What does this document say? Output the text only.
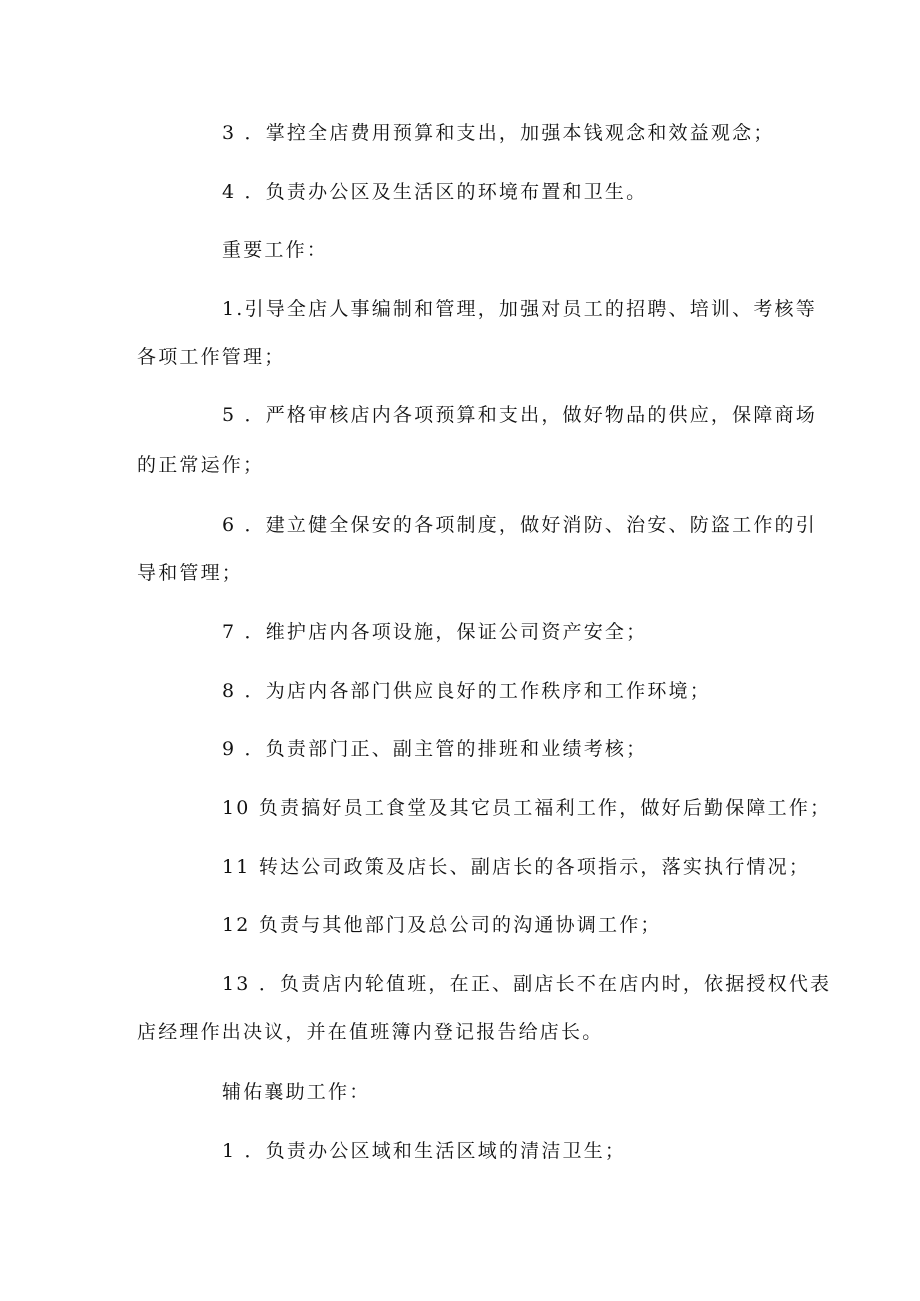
3 ．掌控全店费用预算和支出，加强本钱观念和效益观念；
4 ．负责办公区及生活区的环境布置和卫生。
重要工作：
1.引导全店人事编制和管理，加强对员工的招聘、培训、考核等
各项工作管理；
5 ．严格审核店内各项预算和支出，做好物品的供应，保障商场
的正常运作；
6 ．建立健全保安的各项制度，做好消防、治安、防盗工作的引
导和管理；
7 ．维护店内各项设施，保证公司资产安全；
8 ．为店内各部门供应良好的工作秩序和工作环境；
9 ．负责部门正、副主管的排班和业绩考核；
10 负责搞好员工食堂及其它员工福利工作，做好后勤保障工作；
11 转达公司政策及店长、副店长的各项指示，落实执行情况；
12 负责与其他部门及总公司的沟通协调工作；
13 ．负责店内轮值班，在正、副店长不在店内时，依据授权代表
店经理作出决议，并在值班簿内登记报告给店长。
辅佑襄助工作：
1 ．负责办公区域和生活区域的清洁卫生；
